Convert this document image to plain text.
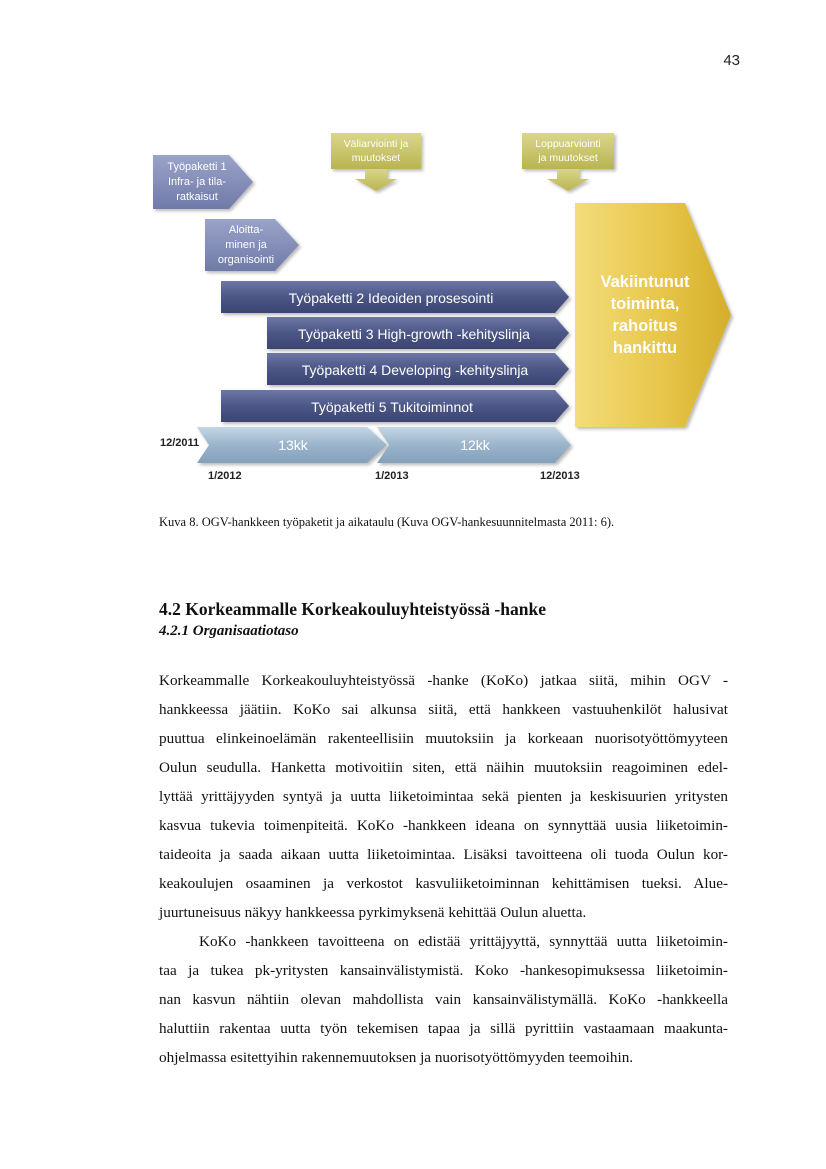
43
Väliarviointi ja
muutokset
Loppuarviointi
ja muutokset
Työpaketti 1
Infra- ja tila-
ratkaisut
Aloitta-
minen ja
organisointi
Työpaketti 2 Ideoiden prosesointi
Työpaketti 3 High-growth -kehityslinja
Työpaketti 4 Developing -kehityslinja
Työpaketti 5 Tukitoiminnot
Vakiintunut
toiminta,
rahoitus
hankittu
13kk	12kk
12/2011
1/2012	1/2013	12/2013
Kuva 8. OGV-hankkeen työpaketit ja aikataulu (Kuva OGV-hankesuunnitelmasta 2011: 6).
4.2 Korkeammalle Korkeakouluyhteistyössä -hanke
4.2.1 Organisaatiotaso
Korkeammalle Korkeakouluyhteistyössä -hanke (KoKo) jatkaa siitä, mihin OGV -
hankkeessa jäätiin. KoKo sai alkunsa siitä, että hankkeen vastuuhenkilöt halusivat
puuttua elinkeinoelämän rakenteellisiin muutoksiin ja korkeaan nuorisotyöttömyyteen
Oulun seudulla. Hanketta motivoitiin siten, että näihin muutoksiin reagoiminen edel-
lyttää yrittäjyyden syntyä ja uutta liiketoimintaa sekä pienten ja keskisuurien yritysten
kasvua tukevia toimenpiteitä. KoKo -hankkeen ideana on synnyttää uusia liiketoimin-
taideoita ja saada aikaan uutta liiketoimintaa. Lisäksi tavoitteena oli tuoda Oulun kor-
keakoulujen osaaminen ja verkostot kasvuliiketoiminnan kehittämisen tueksi. Alue-
juurtuneisuus näkyy hankkeessa pyrkimyksenä kehittää Oulun aluetta.
KoKo -hankkeen tavoitteena on edistää yrittäjyyttä, synnyttää uutta liiketoimin-
taa ja tukea pk-yritysten kansainvälistymistä. Koko -hankesopimuksessa liiketoimin-
nan kasvun nähtiin olevan mahdollista vain kansainvälistymällä. KoKo -hankkeella
haluttiin rakentaa uutta työn tekemisen tapaa ja sillä pyrittiin vastaamaan maakunta-
ohjelmassa esitettyihin rakennemuutoksen ja nuorisotyöttömyyden teemoihin.
